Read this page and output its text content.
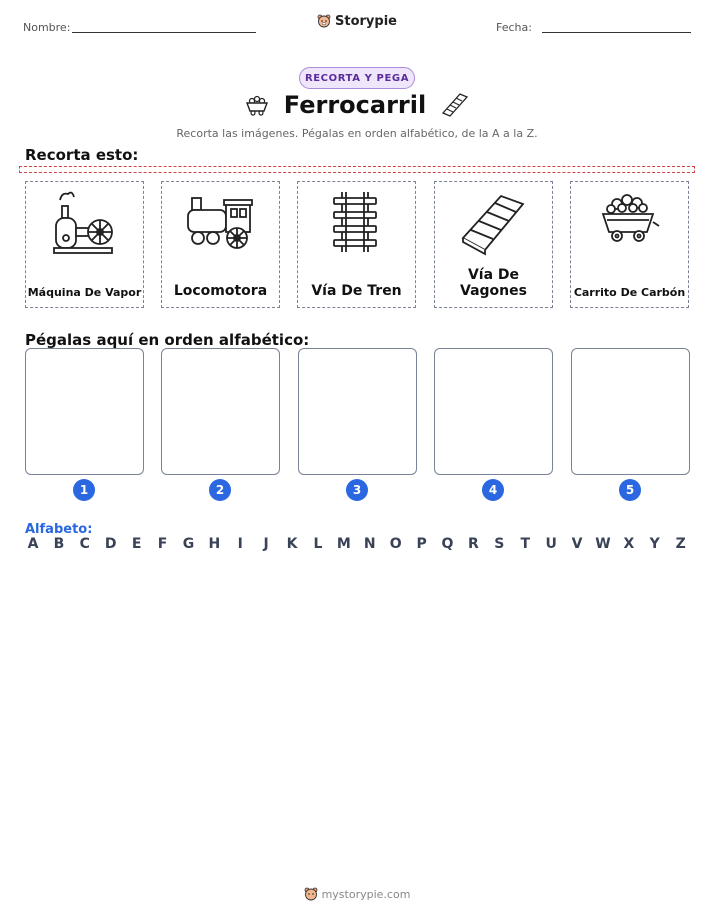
Nombre:	Storypie	Fecha:
RECORTA Y PEGA
Ferrocarril
Recorta las imágenes. Pégalas en orden alfabético, de la A a la Z.
Recorta esto:
Máquina De Vapor	Locomotora	Vía De Tren
Vía De Vagones	Carrito De Carbón
Pégalas aquí en orden alfabético:
1	2	3	4	5
Alfabeto:
A B C D E F G H	I	J	K L M N O P Q R S T U V W X Y Z
mystorypie.com
